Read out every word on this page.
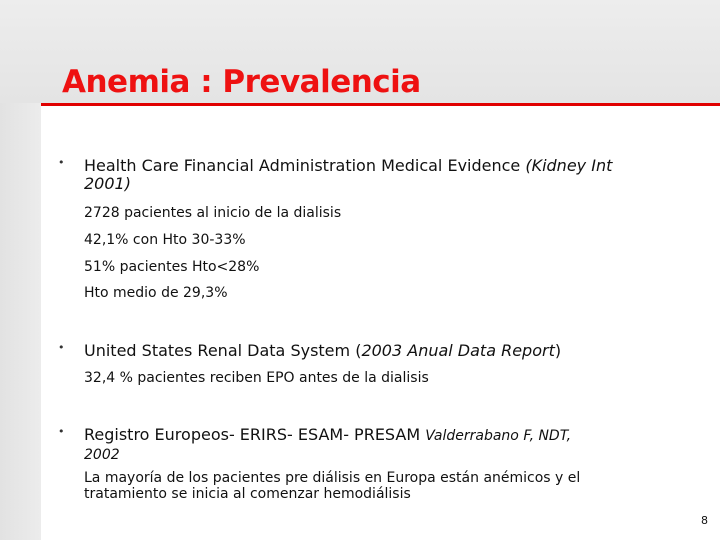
Anemia : Prevalencia
• Health Care Financial Administration Medical Evidence (Kidney Int
2001)
2728 pacientes al inicio de la dialisis
42,1% con Hto 30-33%
51% pacientes Hto<28%
Hto medio de 29,3%
• United States Renal Data System (2003 Anual Data Report)
32,4 % pacientes reciben EPO antes de la dialisis
• Registro Europeos- ERIRS- ESAM- PRESAM Valderrabano F, NDT,
2002
La mayoría de los pacientes pre diálisis en Europa están anémicos y el tratamiento se inicia al comenzar hemodiálisis
8
